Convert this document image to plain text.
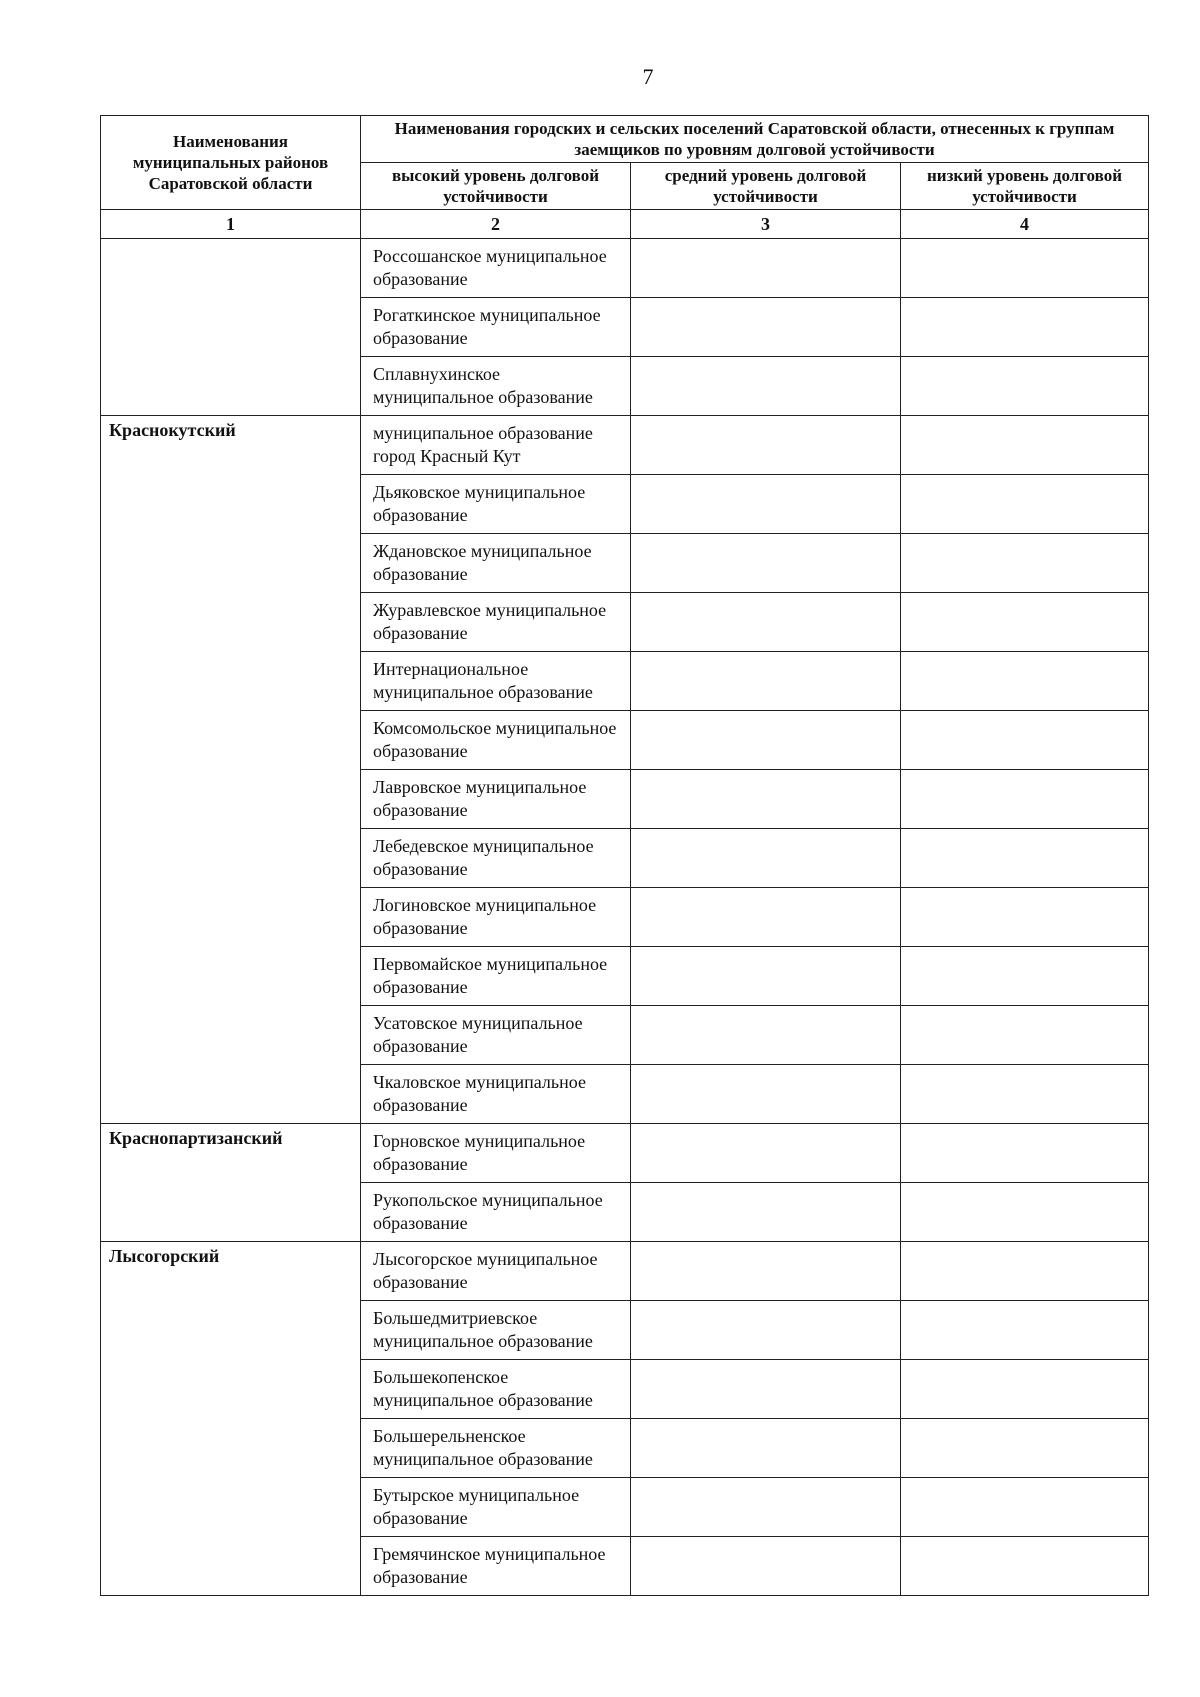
7
Наименования муниципальных районов Саратовской области	Наименования городских и сельских поселений Саратовской области, отнесенных к группам заемщиков по уровням долговой устойчивости		
	высокий уровень долговой устойчивости	средний уровень долговой устойчивости	низкий уровень долговой устойчивости
1	2	3	4
	Россошанское муниципальное образование		
	Рогаткинское муниципальное образование		
	Сплавнухинское муниципальное образование		
Краснокутский	муниципальное образование город Красный Кут		
	Дьяковское муниципальное образование		
	Ждановское муниципальное образование		
	Журавлевское муниципальное образование		
	Интернациональное муниципальное образование		
	Комсомольское муниципальное образование		
	Лавровское муниципальное образование		
	Лебедевское муниципальное образование		
	Логиновское муниципальное образование		
	Первомайское муниципальное образование		
	Усатовское муниципальное образование		
	Чкаловское муниципальное образование		
Краснопартизанский	Горновское муниципальное образование		
	Рукопольское муниципальное образование		
Лысогорский	Лысогорское муниципальное образование		
	Большедмитриевское муниципальное образование		
	Большекопенское муниципальное образование		
	Большерельненское муниципальное образование		
	Бутырское муниципальное образование		
	Гремячинское муниципальное образование		
